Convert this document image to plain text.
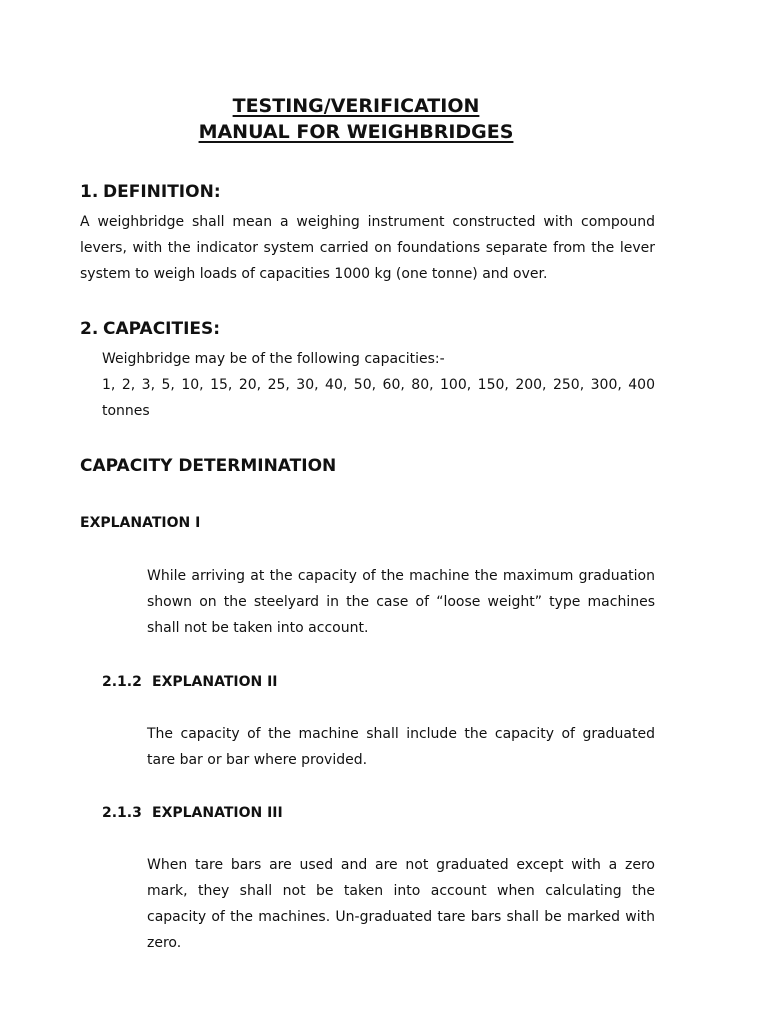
TESTING/VERIFICATION
MANUAL FOR WEIGHBRIDGES
1. DEFINITION:
A weighbridge shall mean a weighing instrument constructed with compound levers, with the indicator system carried on foundations separate from the lever system to weigh loads of capacities 1000 kg (one tonne) and over.
2. CAPACITIES:
Weighbridge may be of the following capacities:-
1, 2, 3, 5, 10, 15, 20, 25, 30, 40, 50, 60, 80, 100, 150, 200, 250, 300, 400
tonnes
CAPACITY DETERMINATION
EXPLANATION I
While arriving at the capacity of the machine the maximum graduation shown on the steelyard in the case of “loose weight” type machines shall not be taken into account.
2.1.2 EXPLANATION II
The capacity of the machine shall include the capacity of graduated tare bar or bar where provided.
2.1.3 EXPLANATION III
When tare bars are used and are not graduated except with a zero mark, they shall not be taken into account when calculating the capacity of the machines. Un-graduated tare bars shall be marked with zero.
